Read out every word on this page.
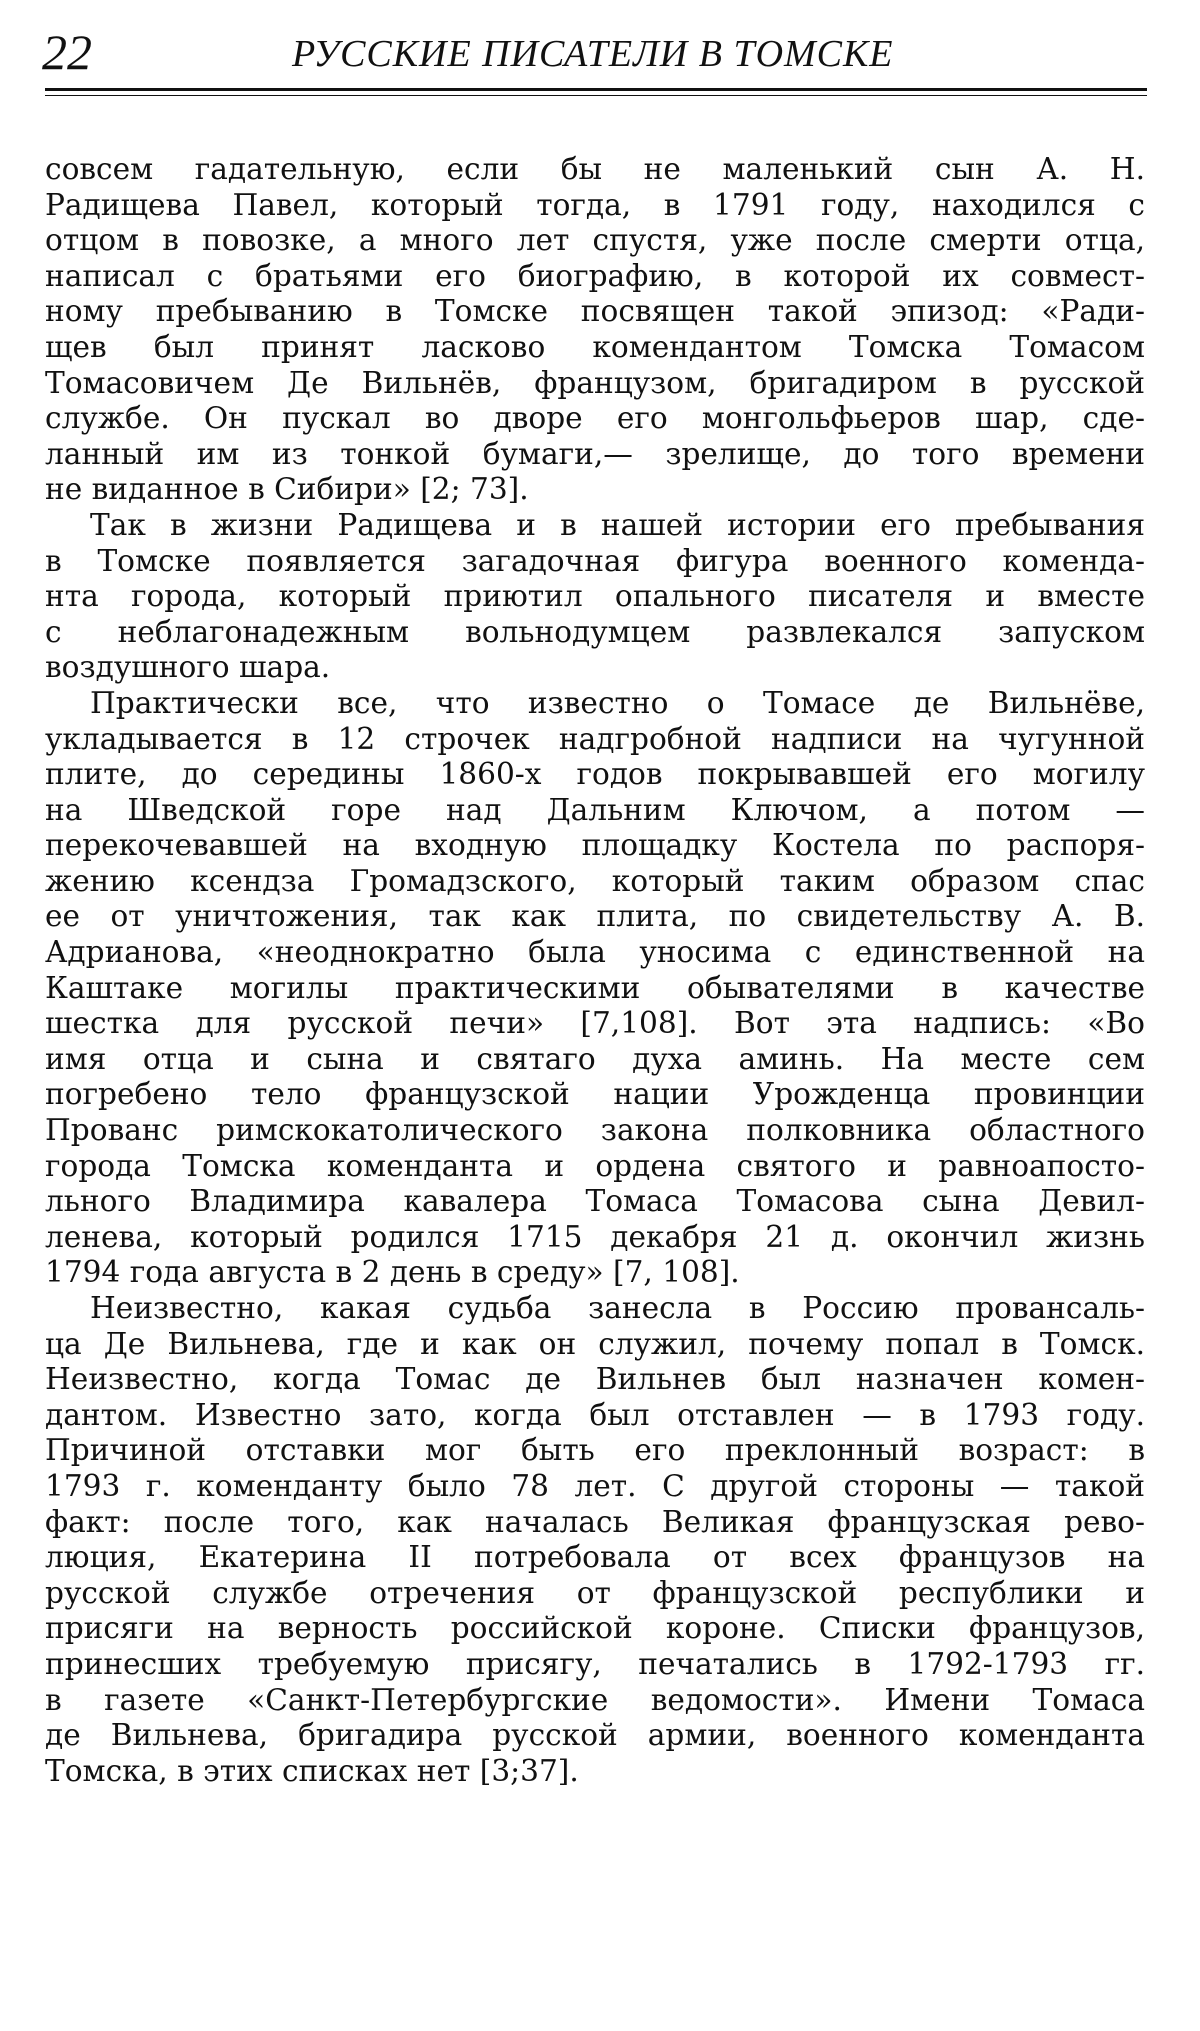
22	РУССКИЕ ПИСАТЕЛИ В ТОМСКЕ
совсем гадательную, если бы не маленький сын А. Н.
Радищева Павел, который тогда, в 1791 году, находился с
отцом в повозке, а много лет спустя, уже после смерти отца,
написал с братьями его биографию, в которой их совмест-
ному пребыванию в Томске посвящен такой эпизод: «Ради-
щев был принят ласково комендантом Томска Томасом
Томасовичем Де Вильнёв, французом, бригадиром в русской
службе. Он пускал во дворе его монгольфьеров шар, сде-
ланный им из тонкой бумаги,— зрелище, до того времени
не виданное в Сибири» [2; 73].
Так в жизни Радищева и в нашей истории его пребывания
в Томске появляется загадочная фигура военного коменда-
нта города, который приютил опального писателя и вместе
с неблагонадежным вольнодумцем развлекался запуском
воздушного шара.
Практически все, что известно о Томасе де Вильнёве,
укладывается в 12 строчек надгробной надписи на чугунной
плите, до середины 1860-х годов покрывавшей его могилу
на Шведской горе над Дальним Ключом, а потом —
перекочевавшей на входную площадку Костела по распоря-
жению ксендза Громадзского, который таким образом спас
ее от уничтожения, так как плита, по свидетельству А. В.
Адрианова, «неоднократно была уносима с единственной на
Каштаке могилы практическими обывателями в качестве
шестка для русской печи» [7,108]. Вот эта надпись: «Во
имя отца и сына и святаго духа аминь. На месте сем
погребено тело французской нации Урожденца провинции
Прованс римскокатолического закона полковника областного
города Томска коменданта и ордена святого и равноапосто-
льного Владимира кавалера Томаса Томасова сына Девил-
ленева, который родился 1715 декабря 21 д. окончил жизнь
1794 года августа в 2 день в среду» [7, 108].
Неизвестно, какая судьба занесла в Россию провансаль-
ца Де Вильнева, где и как он служил, почему попал в Томск.
Неизвестно, когда Томас де Вильнев был назначен комен-
дантом. Известно зато, когда был отставлен — в 1793 году.
Причиной отставки мог быть его преклонный возраст: в
1793 г. коменданту было 78 лет. С другой стороны — такой
факт: после того, как началась Великая французская рево-
люция, Екатерина II потребовала от всех французов на
русской службе отречения от французской республики и
присяги на верность российской короне. Списки французов,
принесших требуемую присягу, печатались в 1792-1793 гг.
в газете «Санкт-Петербургские ведомости». Имени Томаса
де Вильнева, бригадира русской армии, военного коменданта
Томска, в этих списках нет [3;37].
